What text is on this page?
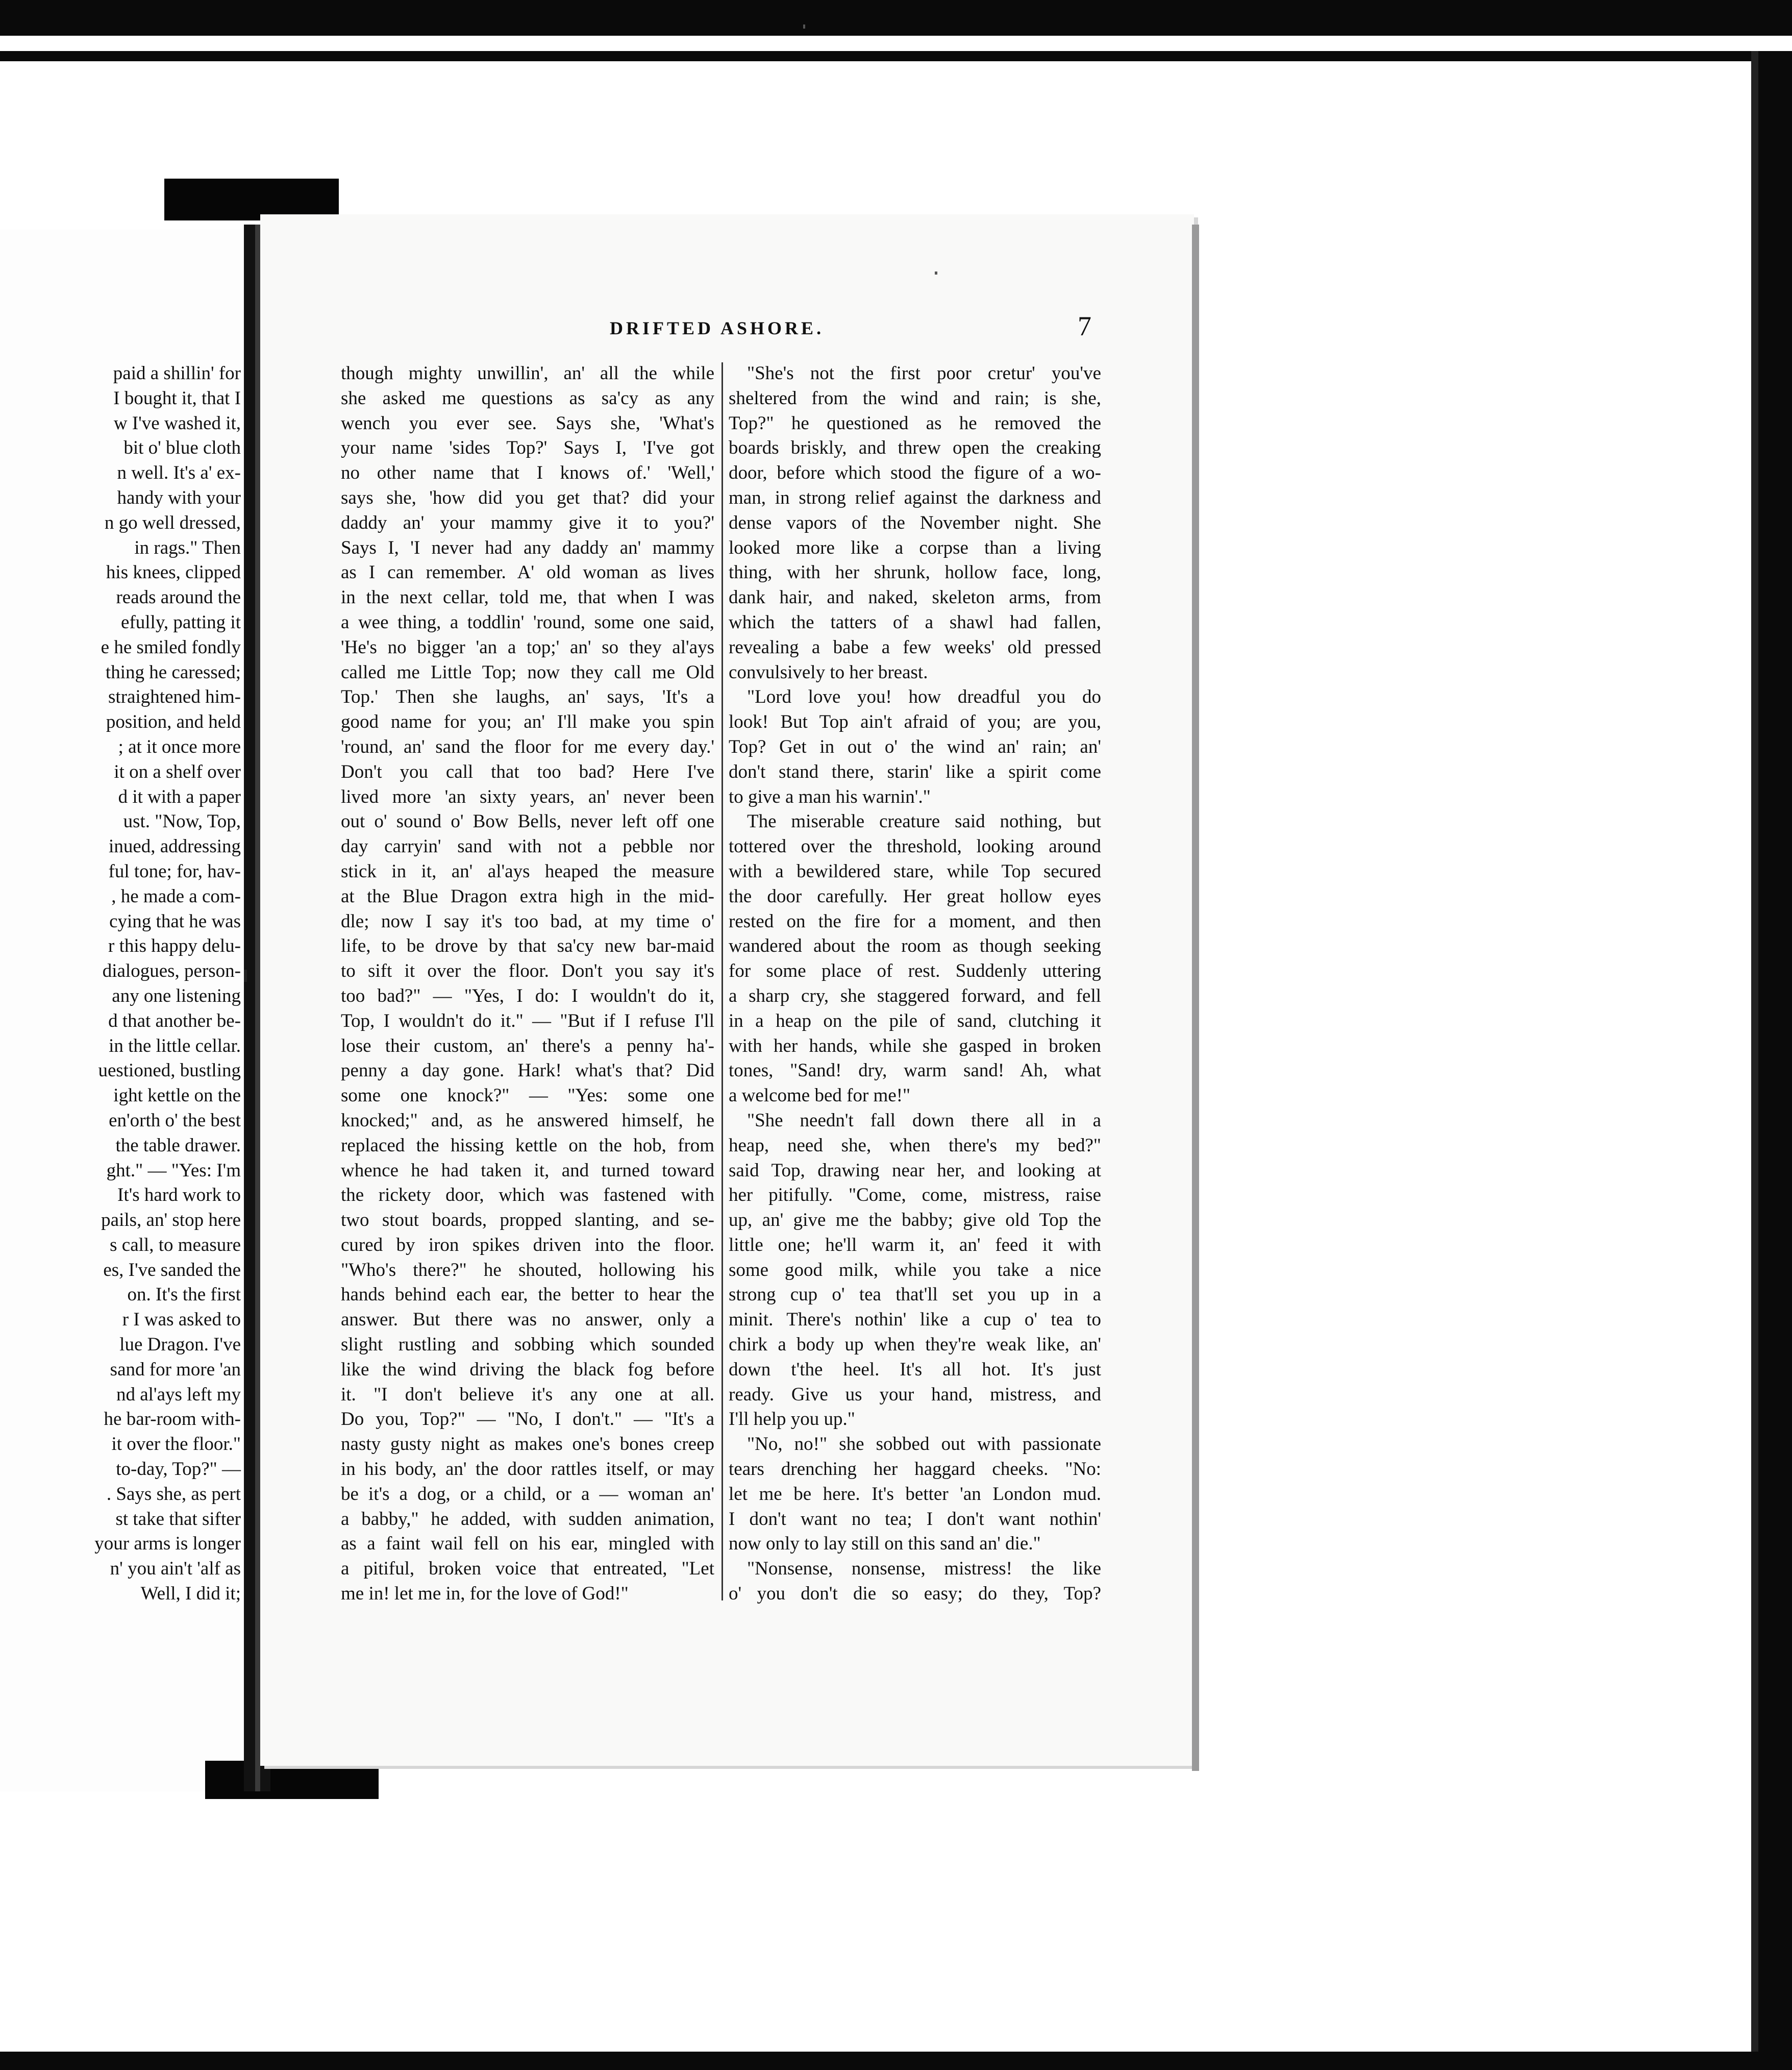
paid a shillin' for
I bought it, that I
w I've washed it,
bit o' blue cloth
n well. It's a' ex-
handy with your
n go well dressed,
in rags." Then
his knees, clipped
reads around the
efully, patting it
e he smiled fondly
thing he caressed;
straightened him-
position, and held
; at it once more
it on a shelf over
d it with a paper
ust. "Now, Top,
inued, addressing
ful tone; for, hav-
, he made a com-
cying that he was
r this happy delu-
dialogues, person-
any one listening
d that another be-
in the little cellar.
uestioned, bustling
ight kettle on the
en'orth o' the best
the table drawer.
ght." — "Yes: I'm
It's hard work to
pails, an' stop here
s call, to measure
es, I've sanded the
on. It's the first
r I was asked to
lue Dragon. I've
sand for more 'an
nd al'ays left my
he bar-room with-
it over the floor."
to-day, Top?" —
. Says she, as pert
st take that sifter
your arms is longer
n' you ain't 'alf as
Well, I did it;
DRIFTED ASHORE.	7
though mighty unwillin', an' all the while
she asked me questions as sa'cy as any
wench you ever see. Says she, 'What's
your name 'sides Top?' Says I, 'I've got
no other name that I knows of.' 'Well,'
says she, 'how did you get that? did your
daddy an' your mammy give it to you?'
Says I, 'I never had any daddy an' mammy
as I can remember. A' old woman as lives
in the next cellar, told me, that when I was
a wee thing, a toddlin' 'round, some one said,
'He's no bigger 'an a top;' an' so they al'ays
called me Little Top; now they call me Old
Top.' Then she laughs, an' says, 'It's a
good name for you; an' I'll make you spin
'round, an' sand the floor for me every day.'
Don't you call that too bad? Here I've
lived more 'an sixty years, an' never been
out o' sound o' Bow Bells, never left off one
day carryin' sand with not a pebble nor
stick in it, an' al'ays heaped the measure
at the Blue Dragon extra high in the mid-
dle; now I say it's too bad, at my time o'
life, to be drove by that sa'cy new bar-maid
to sift it over the floor. Don't you say it's
too bad?" — "Yes, I do: I wouldn't do it,
Top, I wouldn't do it." — "But if I refuse I'll
lose their custom, an' there's a penny ha'-
penny a day gone. Hark! what's that? Did
some one knock?" — "Yes: some one
knocked;" and, as he answered himself, he
replaced the hissing kettle on the hob, from
whence he had taken it, and turned toward
the rickety door, which was fastened with
two stout boards, propped slanting, and se-
cured by iron spikes driven into the floor.
"Who's there?" he shouted, hollowing his
hands behind each ear, the better to hear the
answer. But there was no answer, only a
slight rustling and sobbing which sounded
like the wind driving the black fog before
it. "I don't believe it's any one at all.
Do you, Top?" — "No, I don't." — "It's a
nasty gusty night as makes one's bones creep
in his body, an' the door rattles itself, or may
be it's a dog, or a child, or a — woman an'
a babby," he added, with sudden animation,
as a faint wail fell on his ear, mingled with
a pitiful, broken voice that entreated, "Let
me in! let me in, for the love of God!"
"She's not the first poor cretur' you've
sheltered from the wind and rain; is she,
Top?" he questioned as he removed the
boards briskly, and threw open the creaking
door, before which stood the figure of a wo-
man, in strong relief against the darkness and
dense vapors of the November night. She
looked more like a corpse than a living
thing, with her shrunk, hollow face, long,
dank hair, and naked, skeleton arms, from
which the tatters of a shawl had fallen,
revealing a babe a few weeks' old pressed
convulsively to her breast.
"Lord love you! how dreadful you do
look! But Top ain't afraid of you; are you,
Top? Get in out o' the wind an' rain; an'
don't stand there, starin' like a spirit come
to give a man his warnin'."
The miserable creature said nothing, but
tottered over the threshold, looking around
with a bewildered stare, while Top secured
the door carefully. Her great hollow eyes
rested on the fire for a moment, and then
wandered about the room as though seeking
for some place of rest. Suddenly uttering
a sharp cry, she staggered forward, and fell
in a heap on the pile of sand, clutching it
with her hands, while she gasped in broken
tones, "Sand! dry, warm sand! Ah, what
a welcome bed for me!"
"She needn't fall down there all in a
heap, need she, when there's my bed?"
said Top, drawing near her, and looking at
her pitifully. "Come, come, mistress, raise
up, an' give me the babby; give old Top the
little one; he'll warm it, an' feed it with
some good milk, while you take a nice
strong cup o' tea that'll set you up in a
minit. There's nothin' like a cup o' tea to
chirk a body up when they're weak like, an'
down t'the heel. It's all hot. It's just
ready. Give us your hand, mistress, and
I'll help you up."
"No, no!" she sobbed out with passionate
tears drenching her haggard cheeks. "No:
let me be here. It's better 'an London mud.
I don't want no tea; I don't want nothin'
now only to lay still on this sand an' die."
"Nonsense, nonsense, mistress! the like
o' you don't die so easy; do they, Top?
